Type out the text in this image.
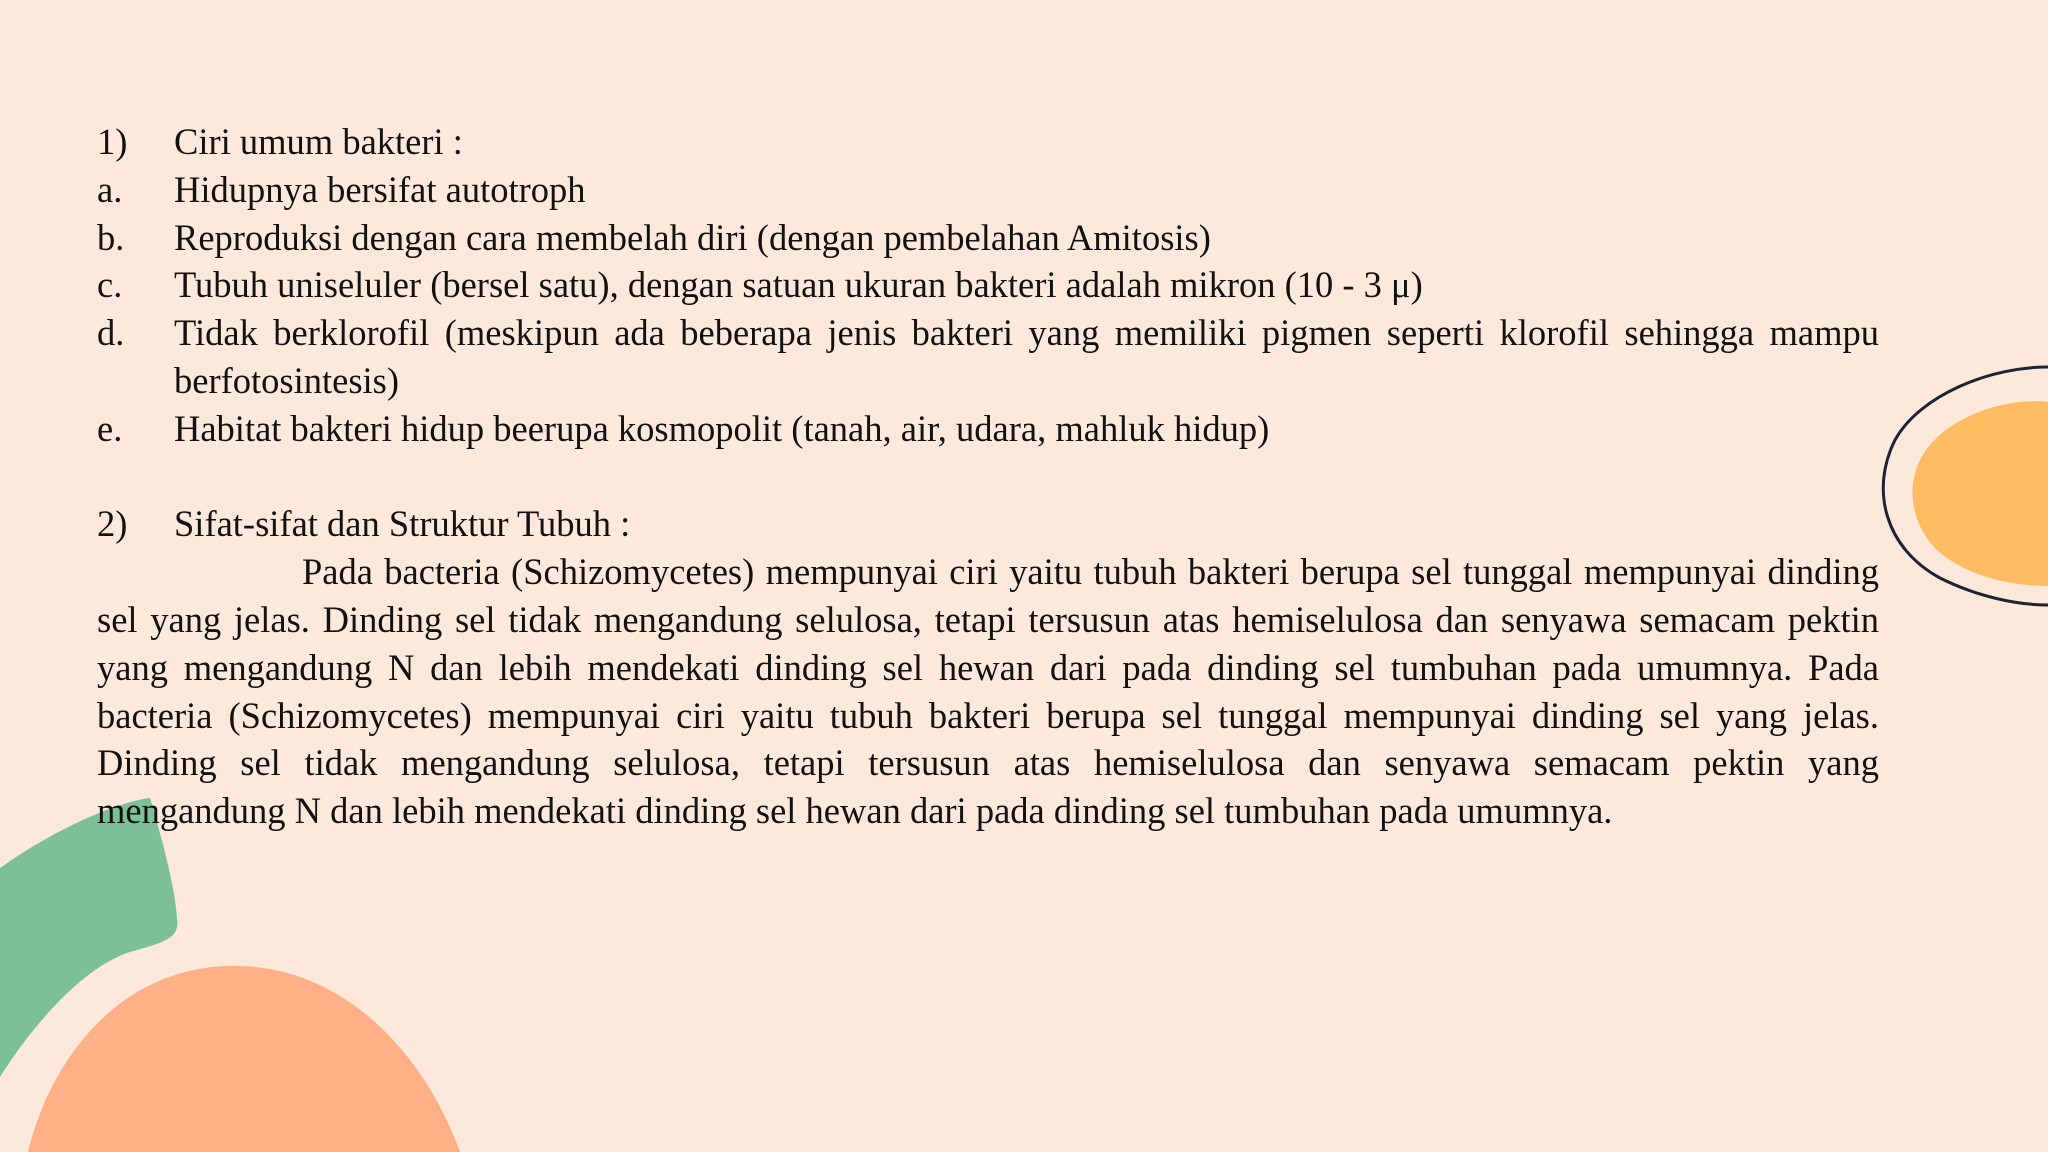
1)	Ciri umum bakteri :
a.	Hidupnya bersifat autotroph
b.	Reproduksi dengan cara membelah diri (dengan pembelahan Amitosis)
c.	Tubuh uniseluler (bersel satu), dengan satuan ukuran bakteri adalah mikron (10 - 3 μ)
d.	Tidak berklorofil (meskipun ada beberapa jenis bakteri yang memiliki pigmen seperti klorofil sehingga mampu berfotosintesis)
e.	Habitat bakteri hidup beerupa kosmopolit (tanah, air, udara, mahluk hidup)
2)	Sifat-sifat dan Struktur Tubuh :

Pada bacteria (Schizomycetes) mempunyai ciri yaitu tubuh bakteri berupa sel tunggal mempunyai dinding sel yang jelas. Dinding sel tidak mengandung selulosa, tetapi tersusun atas hemiselulosa dan senyawa semacam pektin yang mengandung N dan lebih mendekati dinding sel hewan dari pada dinding sel tumbuhan pada umumnya. Pada bacteria (Schizomycetes) mempunyai ciri yaitu tubuh bakteri berupa sel tunggal mempunyai dinding sel yang jelas. Dinding sel tidak mengandung selulosa, tetapi tersusun atas hemiselulosa dan senyawa semacam pektin yang mengandung N dan lebih mendekati dinding sel hewan dari pada dinding sel tumbuhan pada umumnya.
